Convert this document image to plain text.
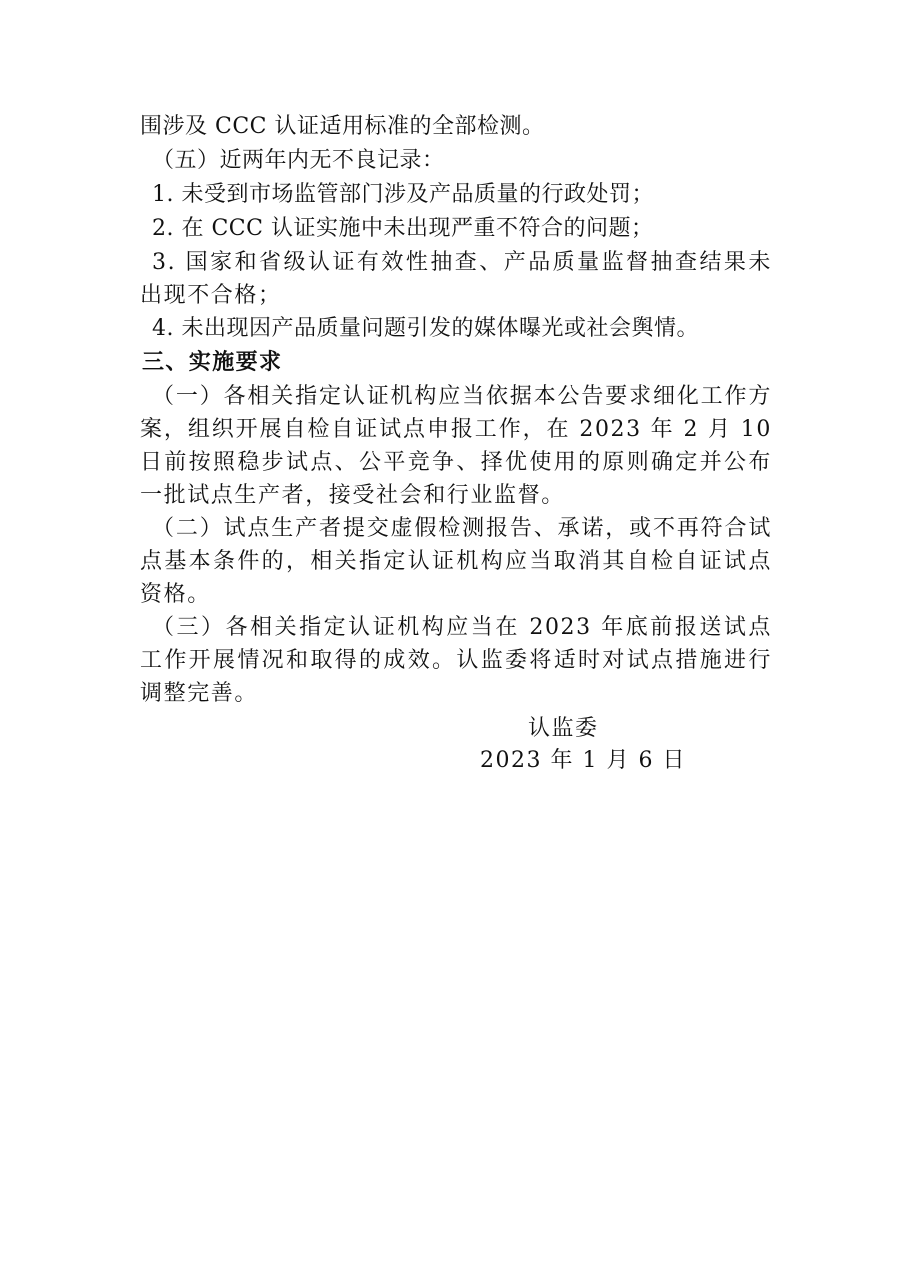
围涉及 CCC 认证适用标准的全部检测。
（五）近两年内无不良记录：
1. 未受到市场监管部门涉及产品质量的行政处罚；
2. 在 CCC 认证实施中未出现严重不符合的问题；

3. 国家和省级认证有效性抽查、产品质量监督抽查结果未出现不合格；

4. 未出现因产品质量问题引发的媒体曝光或社会舆情。
三、实施要求

（一）各相关指定认证机构应当依据本公告要求细化工作方案，组织开展自检自证试点申报工作，在 2023 年 2 月 10 日前按照稳步试点、公平竞争、择优使用的原则确定并公布一批试点生产者，接受社会和行业监督。

（二）试点生产者提交虚假检测报告、承诺，或不再符合试点基本条件的，相关指定认证机构应当取消其自检自证试点资格。

（三）各相关指定认证机构应当在 2023 年底前报送试点工作开展情况和取得的成效。认监委将适时对试点措施进行调整完善。

认监委
2023 年 1 月 6 日
